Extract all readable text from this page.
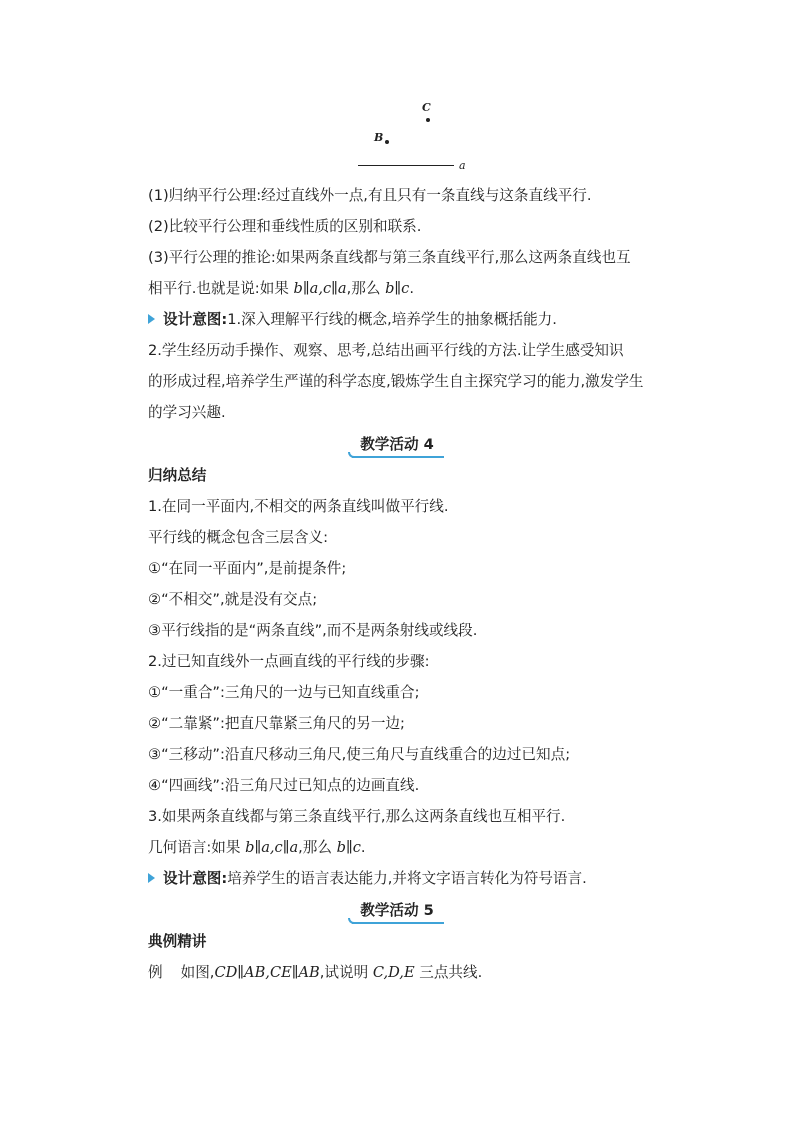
C
B
a
(1)归纳平行公理:经过直线外一点,有且只有一条直线与这条直线平行.
(2)比较平行公理和垂线性质的区别和联系.
(3)平行公理的推论:如果两条直线都与第三条直线平行,那么这两条直线也互
相平行.也就是说:如果 b∥a,c∥a,那么 b∥c.
设计意图:1.深入理解平行线的概念,培养学生的抽象概括能力.
2.学生经历动手操作、观察、思考,总结出画平行线的方法.让学生感受知识
的形成过程,培养学生严谨的科学态度,锻炼学生自主探究学习的能力,激发学生
的学习兴趣.
教学活动 4
归纳总结
1.在同一平面内,不相交的两条直线叫做平行线.
平行线的概念包含三层含义:
①“在同一平面内”,是前提条件;
②“不相交”,就是没有交点;
③平行线指的是“两条直线”,而不是两条射线或线段.
2.过已知直线外一点画直线的平行线的步骤:
①“一重合”:三角尺的一边与已知直线重合;
②“二靠紧”:把直尺靠紧三角尺的另一边;
③“三移动”:沿直尺移动三角尺,使三角尺与直线重合的边过已知点;
④“四画线”:沿三角尺过已知点的边画直线.
3.如果两条直线都与第三条直线平行,那么这两条直线也互相平行.
几何语言:如果 b∥a,c∥a,那么 b∥c.
设计意图:培养学生的语言表达能力,并将文字语言转化为符号语言.
教学活动 5
典例精讲
例 如图,CD∥AB,CE∥AB,试说明 C,D,E 三点共线.
